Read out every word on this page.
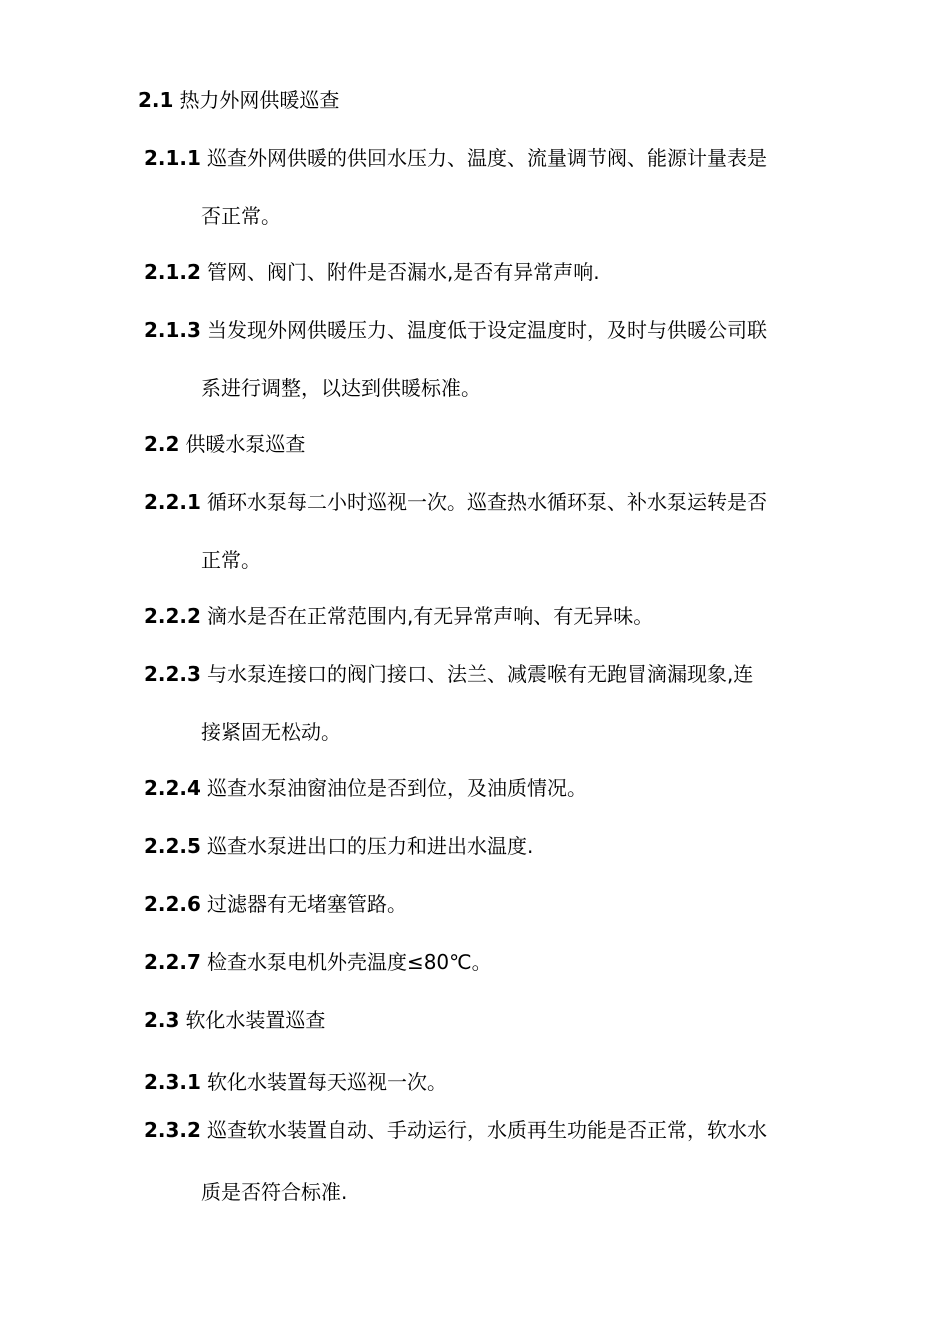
2.1 热力外网供暖巡查
2.1.1 巡查外网供暖的供回水压力、温度、流量调节阀、能源计量表是
否正常。
2.1.2 管网、阀门、附件是否漏水,是否有异常声响.
2.1.3 当发现外网供暖压力、温度低于设定温度时，及时与供暖公司联
系进行调整，以达到供暖标准。
2.2 供暖水泵巡查
2.2.1 循环水泵每二小时巡视一次。巡查热水循环泵、补水泵运转是否
正常。
2.2.2 滴水是否在正常范围内,有无异常声响、有无异味。
2.2.3 与水泵连接口的阀门接口、法兰、减震喉有无跑冒滴漏现象,连
接紧固无松动。
2.2.4 巡查水泵油窗油位是否到位，及油质情况。
2.2.5 巡查水泵进出口的压力和进出水温度.
2.2.6 过滤器有无堵塞管路。
2.2.7 检查水泵电机外壳温度≤80℃。
2.3 软化水装置巡查
2.3.1 软化水装置每天巡视一次。
2.3.2 巡查软水装置自动、手动运行，水质再生功能是否正常，软水水
质是否符合标准.
